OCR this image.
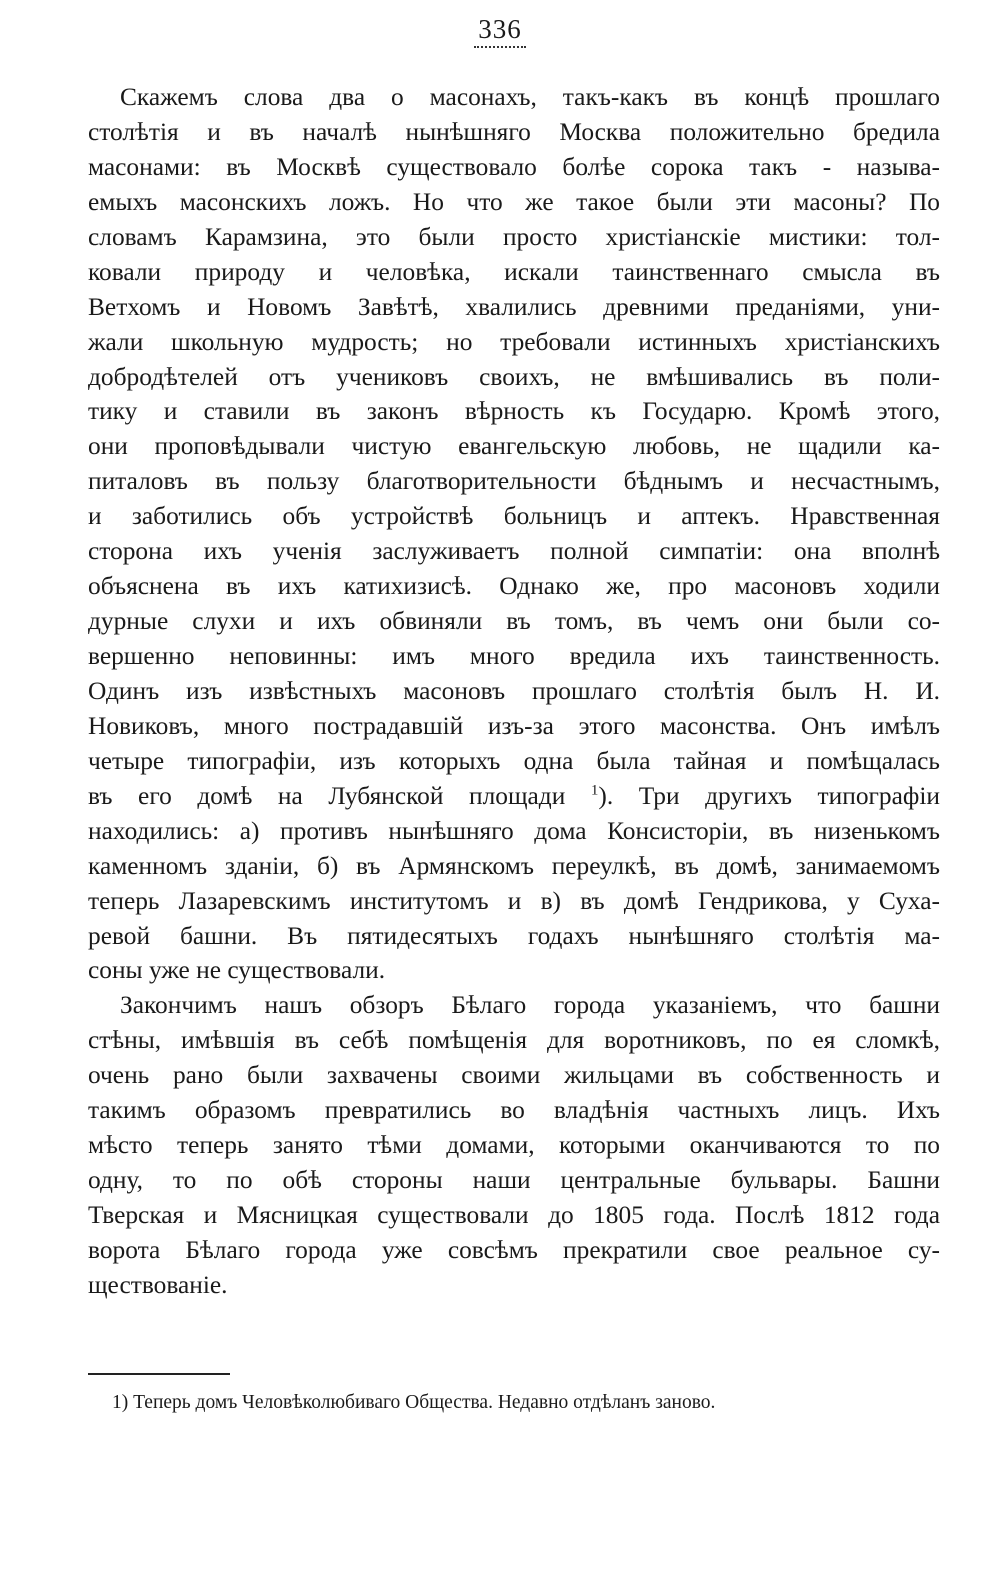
336
Скажемъ слова два о масонахъ, такъ-какъ въ концѣ прошлаго
столѣтія и въ началѣ нынѣшняго Москва положительно бредила
масонами: въ Москвѣ существовало болѣе сорока такъ - называ-
емыхъ масонскихъ ложъ. Но что же такое были эти масоны? По
словамъ Карамзина, это были просто христіанскіе мистики: тол-
ковали природу и человѣка, искали таинственнаго смысла въ
Ветхомъ и Новомъ Завѣтѣ, хвалились древними преданіями, уни-
жали школьную мудрость; но требовали истинныхъ христіанскихъ
добродѣтелей отъ учениковъ своихъ, не вмѣшивались въ поли-
тику и ставили въ законъ вѣрность къ Государю. Кромѣ этого,
они проповѣдывали чистую евангельскую любовь, не щадили ка-
питаловъ въ пользу благотворительности бѣднымъ и несчастнымъ,
и заботились объ устройствѣ больницъ и аптекъ. Нравственная
сторона ихъ ученія заслуживаетъ полной симпатіи: она вполнѣ
объяснена въ ихъ катихизисѣ. Однако же, про масоновъ ходили
дурные слухи и ихъ обвиняли въ томъ, въ чемъ они были со-
вершенно неповинны: имъ много вредила ихъ таинственность.
Одинъ изъ извѣстныхъ масоновъ прошлаго столѣтія былъ Н. И.
Новиковъ, много пострадавшій изъ-за этого масонства. Онъ имѣлъ
четыре типографіи, изъ которыхъ одна была тайная и помѣщалась
въ его домѣ на Лубянской площади $^1$). Три другихъ типографіи
находились: а) противъ нынѣшняго дома Консисторіи, въ низенькомъ
каменномъ зданіи, б) въ Армянскомъ переулкѣ, въ домѣ, занимаемомъ
теперь Лазаревскимъ институтомъ и в) въ домѣ Гендрикова, у Суха-
ревой башни. Въ пятидесятыхъ годахъ нынѣшняго столѣтія ма-
соны уже не существовали.
Закончимъ нашъ обзоръ Бѣлаго города указаніемъ, что башни
стѣны, имѣвшія въ себѣ помѣщенія для воротниковъ, по ея сломкѣ,
очень рано были захвачены своими жильцами въ собственность и
такимъ образомъ превратились во владѣнія частныхъ лицъ. Ихъ
мѣсто теперь занято тѣми домами, которыми оканчиваются то по
одну, то по обѣ стороны наши центральные бульвары. Башни
Тверская и Мясницкая существовали до 1805 года. Послѣ 1812 года
ворота Бѣлаго города уже совсѣмъ прекратили свое реальное су-
ществованіе.
1) Теперь домъ Человѣколюбиваго Общества. Недавно отдѣланъ заново.
